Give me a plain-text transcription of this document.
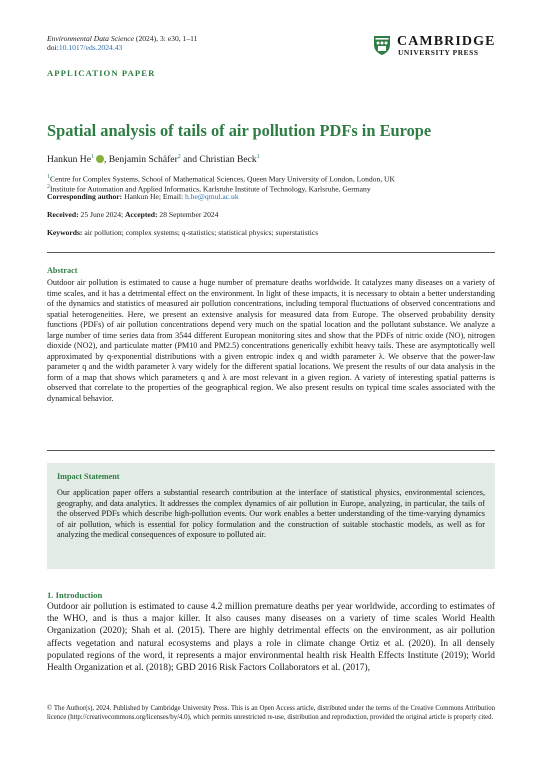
Environmental Data Science (2024), 3: e30, 1–11
doi:10.1017/eds.2024.43	CAMBRIDGE
UNIVERSITY PRESS
APPLICATION PAPER
Spatial analysis of tails of air pollution PDFs in Europe
Hankun He$^1$ , Benjamin Schäfer$^2$ and Christian Beck$^1$
$^1$Centre for Complex Systems, School of Mathematical Sciences, Queen Mary University of London, London, UK
$^2$Institute for Automation and Applied Informatics, Karlsruhe Institute of Technology, Karlsruhe, Germany
Corresponding author: Hankun He; Email: h.he@qmul.ac.uk
Received: 25 June 2024; Accepted: 28 September 2024
Keywords: air pollution; complex systems; q-statistics; statistical physics; superstatistics
Abstract
Outdoor air pollution is estimated to cause a huge number of premature deaths worldwide. It catalyzes many diseases on a variety of time scales, and it has a detrimental effect on the environment. In light of these impacts, it is necessary to obtain a better understanding of the dynamics and statistics of measured air pollution concentrations, including temporal fluctuations of observed concentrations and spatial heterogeneities. Here, we present an extensive analysis for measured data from Europe. The observed probability density functions (PDFs) of air pollution concentrations depend very much on the spatial location and the pollutant substance. We analyze a large number of time series data from 3544 different European monitoring sites and show that the PDFs of nitric oxide (NO), nitrogen dioxide (NO2), and particulate matter (PM10 and PM2.5) concentrations generically exhibit heavy tails. These are asymptotically well approximated by q-exponential distributions with a given entropic index q and width parameter λ. We observe that the power-law parameter q and the width parameter λ vary widely for the different spatial locations. We present the results of our data analysis in the form of a map that shows which parameters q and λ are most relevant in a given region. A variety of interesting spatial patterns is observed that correlate to the properties of the geographical region. We also present results on typical time scales associated with the dynamical behavior.
Impact Statement
Our application paper offers a substantial research contribution at the interface of statistical physics, environmental sciences, geography, and data analytics. It addresses the complex dynamics of air pollution in Europe, analyzing, in particular, the tails of the observed PDFs which describe high-pollution events. Our work enables a better understanding of the time-varying dynamics of air pollution, which is essential for policy formulation and the construction of suitable stochastic models, as well as for analyzing the medical consequences of exposure to polluted air.
1. Introduction
Outdoor air pollution is estimated to cause 4.2 million premature deaths per year worldwide, according to estimates of the WHO, and is thus a major killer. It also causes many diseases on a variety of time scales World Health Organization (2020); Shah et al. (2015). There are highly detrimental effects on the environment, as air pollution affects vegetation and natural ecosystems and plays a role in climate change Ortiz et al. (2020). In all densely populated regions of the word, it represents a major environmental health risk Health Effects Institute (2019); World Health Organization et al. (2018); GBD 2016 Risk Factors Collaborators et al. (2017),
© The Author(s), 2024. Published by Cambridge University Press. This is an Open Access article, distributed under the terms of the Creative Commons Attribution licence (http://creativecommons.org/licenses/by/4.0), which permits unrestricted re-use, distribution and reproduction, provided the original article is properly cited.
